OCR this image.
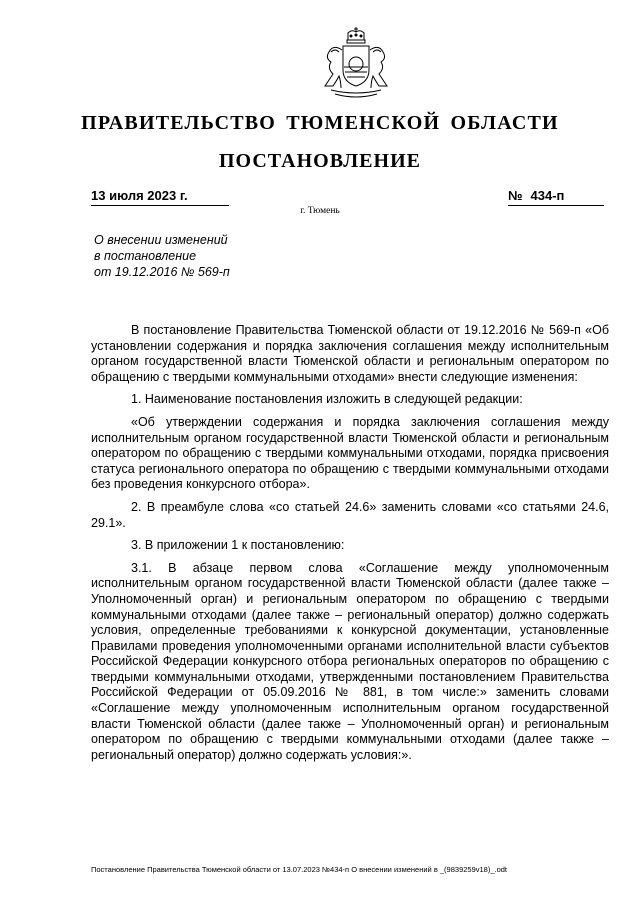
ПРАВИТЕЛЬСТВО ТЮМЕНСКОЙ ОБЛАСТИ
ПОСТАНОВЛЕНИЕ
13 июля 2023 г.	№ 434-п
г. Тюмень
О внесении изменений
в постановление
от 19.12.2016 № 569-п

В постановление Правительства Тюменской области от 19.12.2016 № 569-п «Об установлении содержания и порядка заключения соглашения между исполнительным органом государственной власти Тюменской области и региональным оператором по обращению с твердыми коммунальными отходами» внести следующие изменения:

1. Наименование постановления изложить в следующей редакции:

«Об утверждении содержания и порядка заключения соглашения между исполнительным органом государственной власти Тюменской области и региональным оператором по обращению с твердыми коммунальными отходами, порядка присвоения статуса регионального оператора по обращению с твердыми коммунальными отходами без проведения конкурсного отбора».

2. В преамбуле слова «со статьей 24.6» заменить словами «со статьями 24.6, 29.1».

3. В приложении 1 к постановлению:

3.1. В абзаце первом слова «Соглашение между уполномоченным исполнительным органом государственной власти Тюменской области (далее также – Уполномоченный орган) и региональным оператором по обращению с твердыми коммунальными отходами (далее также – региональный оператор) должно содержать условия, определенные требованиями к конкурсной документации, установленные Правилами проведения уполномоченными органами исполнительной власти субъектов Российской Федерации конкурсного отбора региональных операторов по обращению с твердыми коммунальными отходами, утвержденными постановлением Правительства Российской Федерации от 05.09.2016 № 881, в том числе:» заменить словами «Соглашение между уполномоченным исполнительным органом государственной власти Тюменской области (далее также – Уполномоченный орган) и региональным оператором по обращению с твердыми коммунальными отходами (далее также – региональный оператор) должно содержать условия:».

Постановление Правительства Тюменской области от 13.07.2023 №434-п О внесении изменений в _(9839259v18)_.odt
